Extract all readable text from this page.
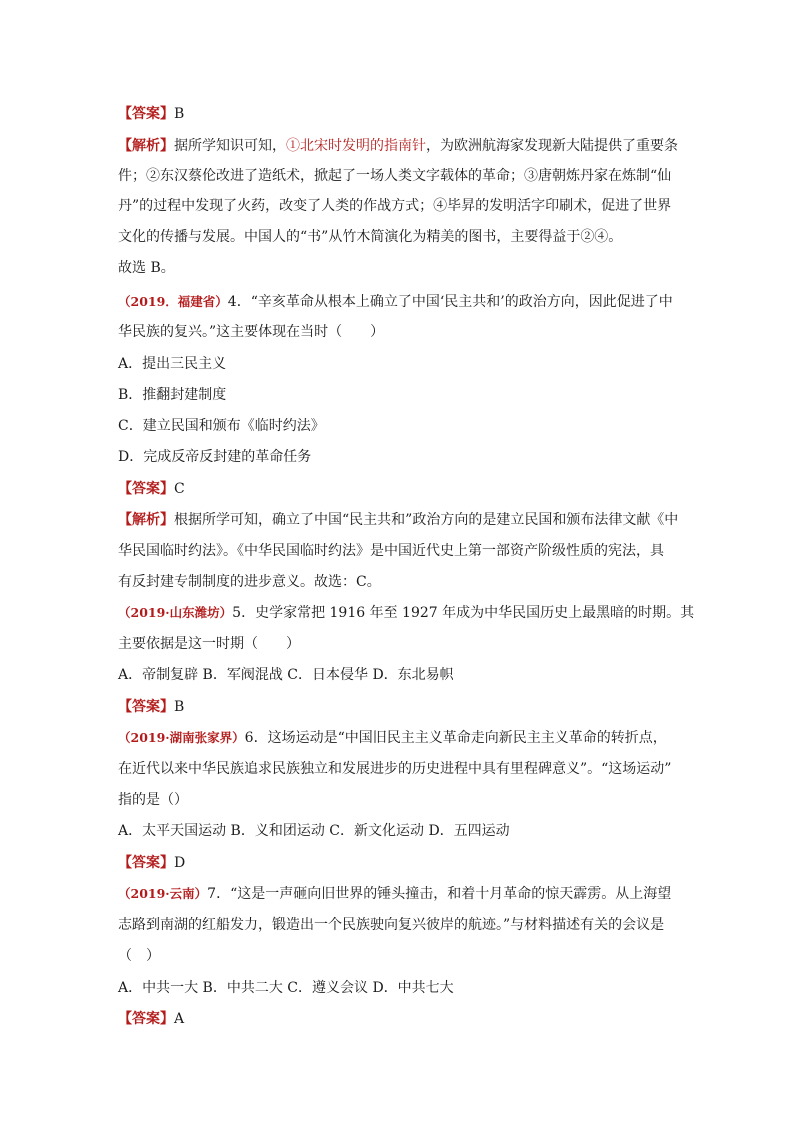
【答案】B
【解析】据所学知识可知，①北宋时发明的指南针，为欧洲航海家发现新大陆提供了重要条
件；②东汉蔡伦改进了造纸术，掀起了一场人类文字载体的革命；③唐朝炼丹家在炼制“仙
丹”的过程中发现了火药，改变了人类的作战方式；④毕昇的发明活字印刷术，促进了世界
文化的传播与发展。中国人的“书”从竹木简演化为精美的图书，主要得益于②④。
故选 B。
（2019．福建省）4．“辛亥革命从根本上确立了中国‘民主共和’的政治方向，因此促进了中
华民族的复兴。”这主要体现在当时（　　）
A．提出三民主义
B．推翻封建制度
C．建立民国和颁布《临时约法》
D．完成反帝反封建的革命任务
【答案】C
【解析】根据所学可知，确立了中国“民主共和”政治方向的是建立民国和颁布法律文献《中
华民国临时约法》。《中华民国临时约法》是中国近代史上第一部资产阶级性质的宪法，具
有反封建专制制度的进步意义。故选：C。
（2019·山东潍坊）5．史学家常把 1916 年至 1927 年成为中华民国历史上最黑暗的时期。其
主要依据是这一时期（　　）
A．帝制复辟 B．军阀混战 C．日本侵华 D．东北易帜
【答案】B
（2019·湖南张家界）6．这场运动是“中国旧民主主义革命走向新民主主义革命的转折点，
在近代以来中华民族追求民族独立和发展进步的历史进程中具有里程碑意义”。“这场运动”
指的是（）
A．太平天国运动 B．义和团运动 C．新文化运动 D．五四运动
【答案】D
（2019·云南）7．“这是一声砸向旧世界的锤头撞击，和着十月革命的惊天霹雳。从上海望
志路到南湖的红船发力，锻造出一个民族驶向复兴彼岸的航迹。”与材料描述有关的会议是
（　）
A．中共一大 B．中共二大 C．遵义会议 D．中共七大
【答案】A
